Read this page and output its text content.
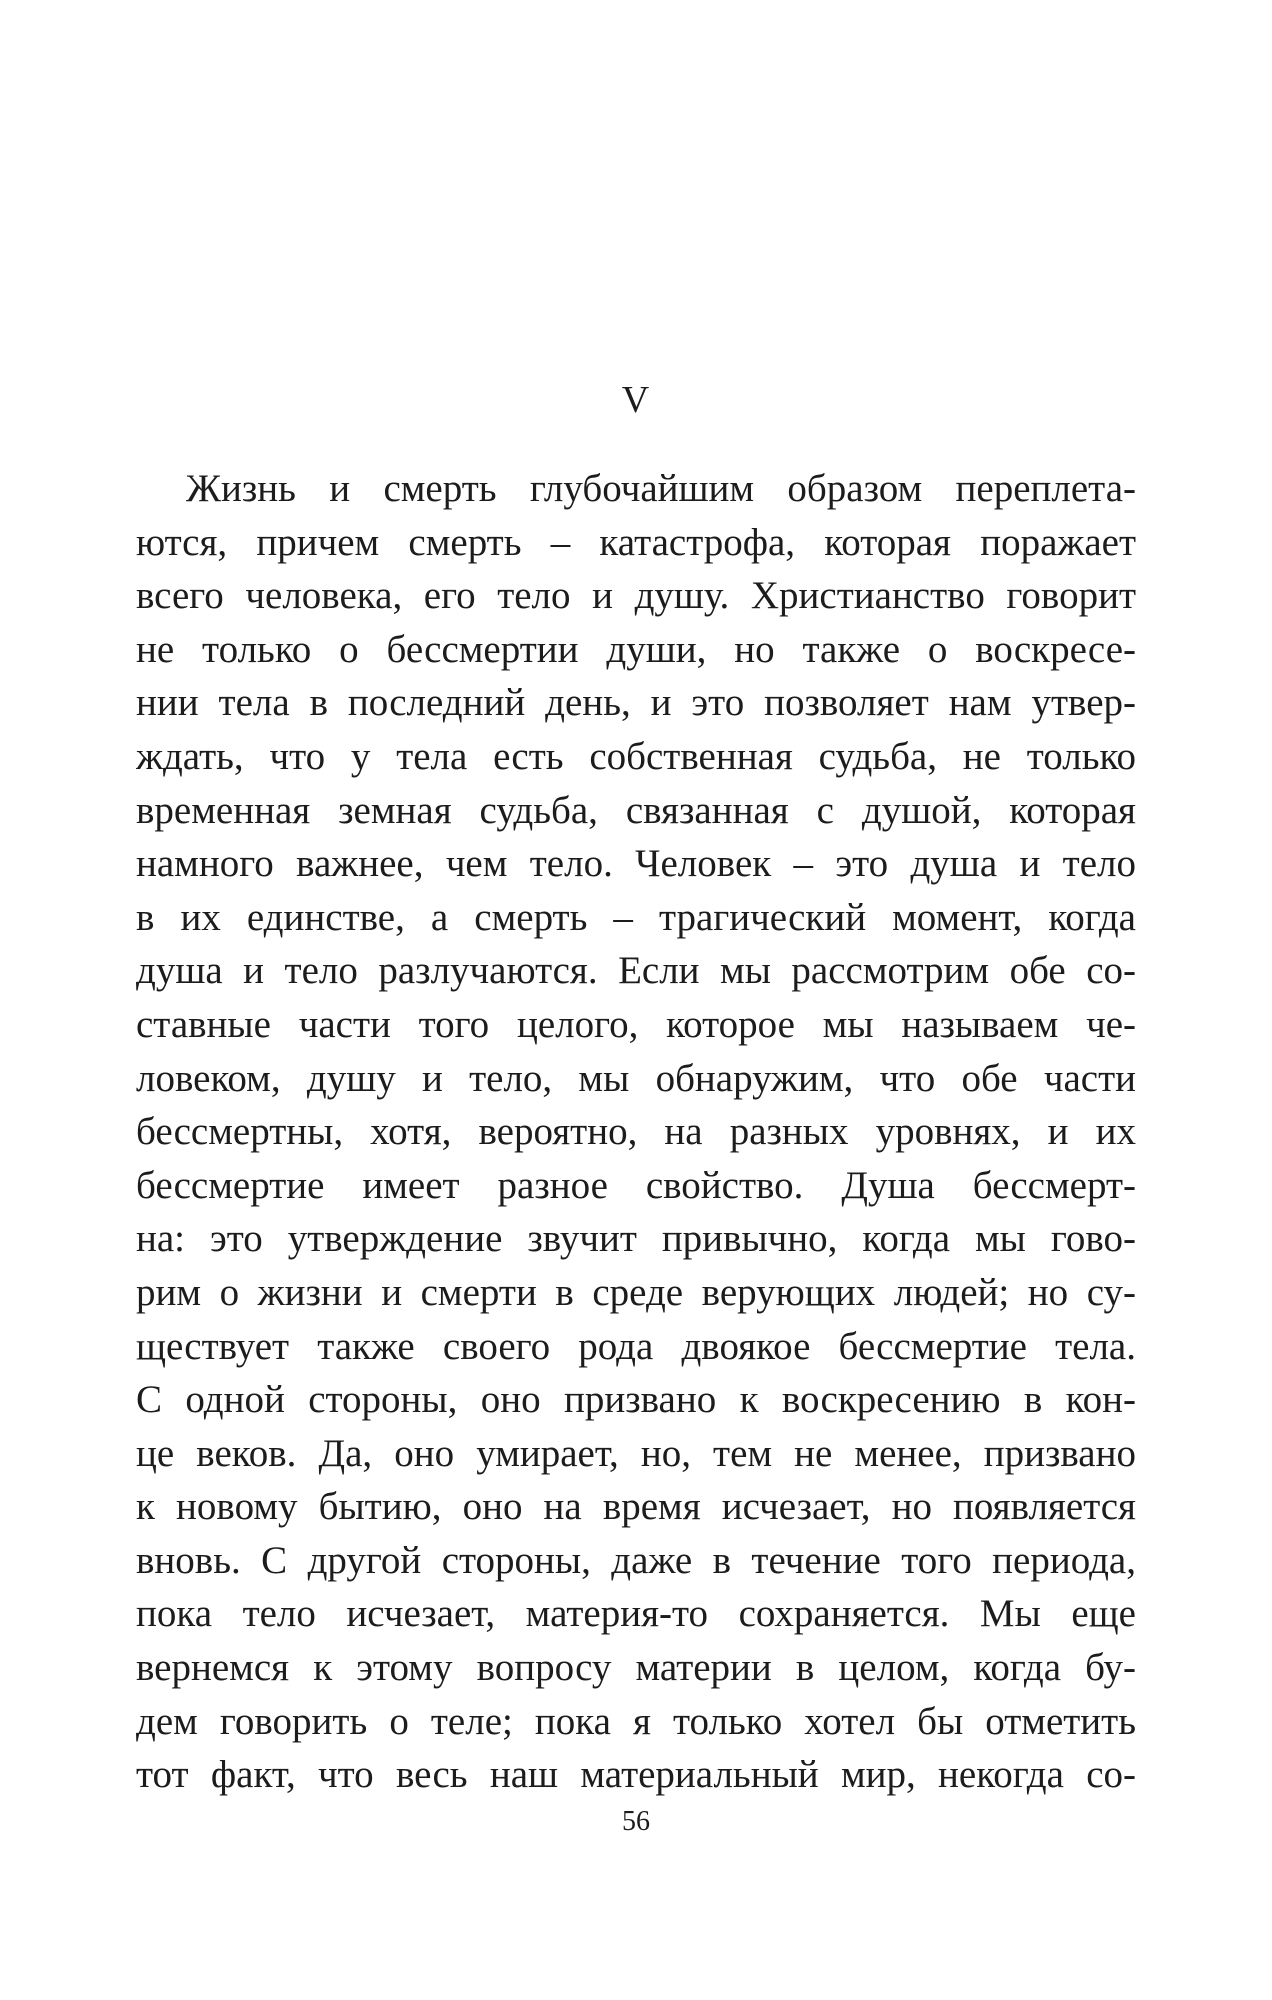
V
Жизнь и смерть глубочайшим образом переплета-
ются, причем смерть – катастрофа, которая поражает
всего человека, его тело и душу. Христианство говорит
не только о бессмертии души, но также о воскресе-
нии тела в последний день, и это позволяет нам утвер-
ждать, что у тела есть собственная судьба, не только
временная земная судьба, связанная с душой, которая
намного важнее, чем тело. Человек – это душа и тело
в их единстве, а смерть – трагический момент, когда
душа и тело разлучаются. Если мы рассмотрим обе со-
ставные части того целого, которое мы называем че-
ловеком, душу и тело, мы обнаружим, что обе части
бессмертны, хотя, вероятно, на разных уровнях, и их
бессмертие имеет разное свойство. Душа бессмерт-
на: это утверждение звучит привычно, когда мы гово-
рим о жизни и смерти в среде верующих людей; но су-
ществует также своего рода двоякое бессмертие тела.
С одной стороны, оно призвано к воскресению в кон-
це веков. Да, оно умирает, но, тем не менее, призвано
к новому бытию, оно на время исчезает, но появляется
вновь. С другой стороны, даже в течение того периода,
пока тело исчезает, материя-то сохраняется. Мы еще
вернемся к этому вопросу материи в целом, когда бу-
дем говорить о теле; пока я только хотел бы отметить
тот факт, что весь наш материальный мир, некогда со-
56
